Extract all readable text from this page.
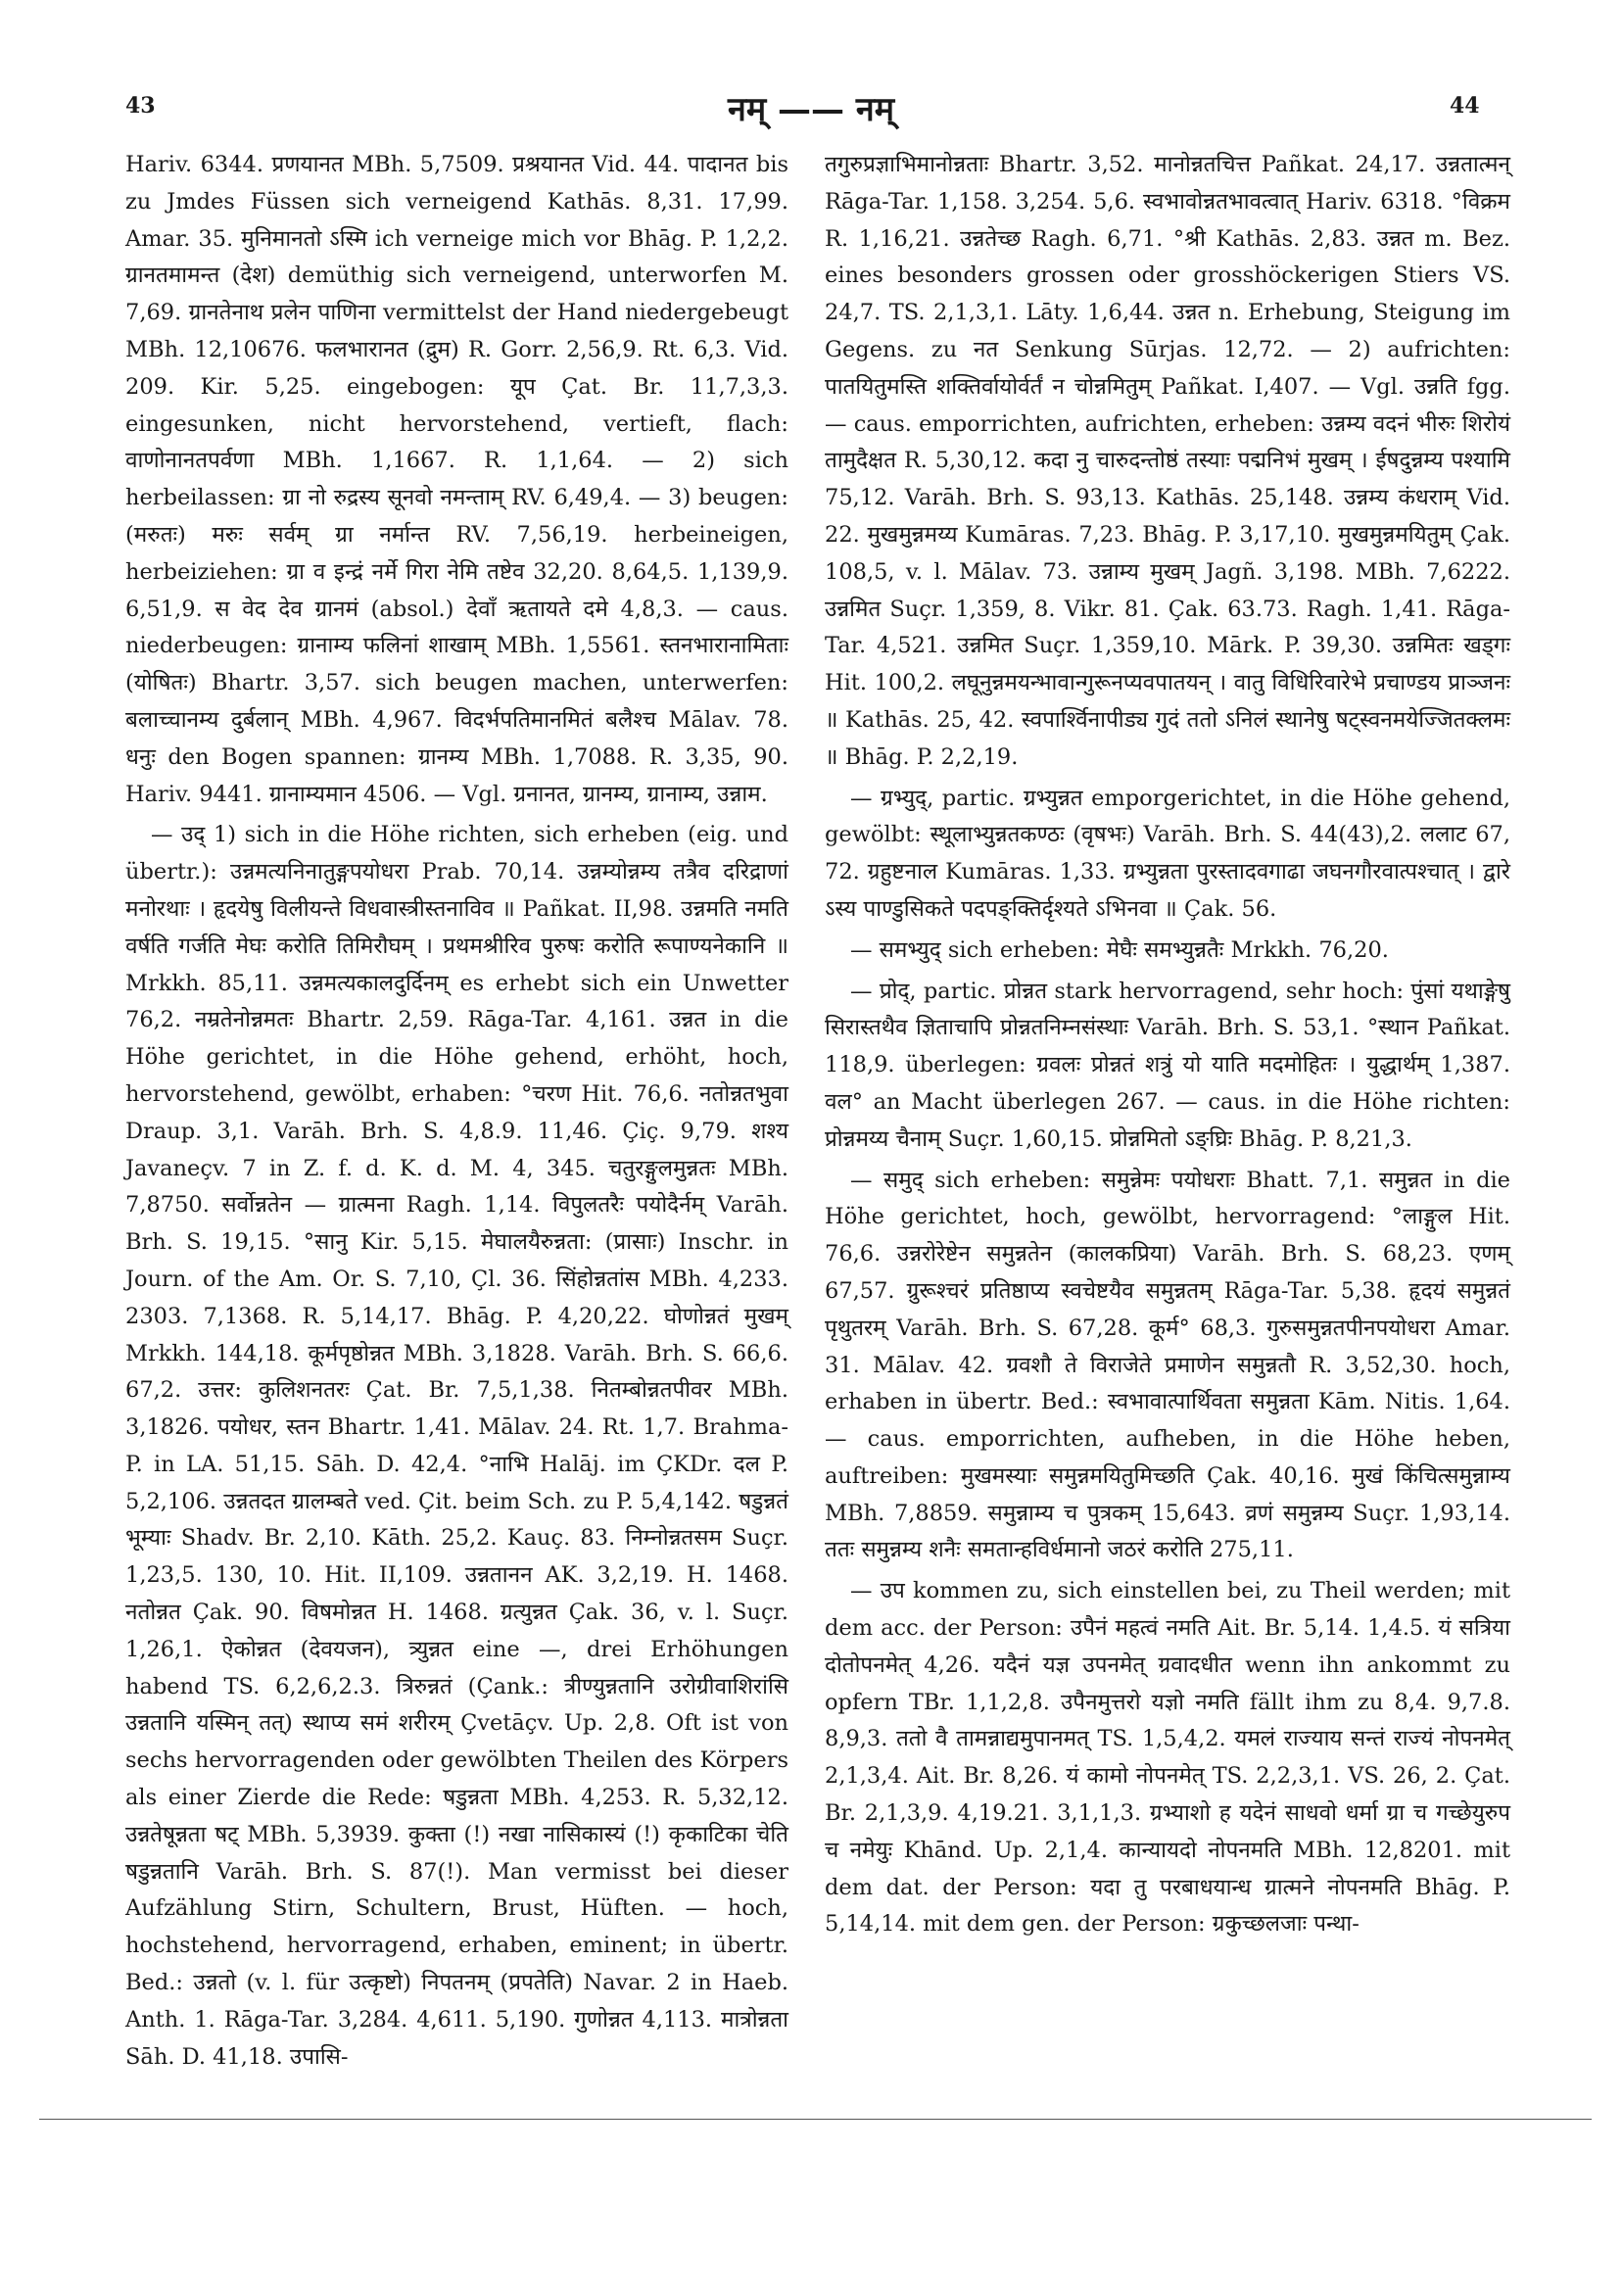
43	नम् —— नम्	44

Hariv. 6344. प्रणयानत MBh. 5,7509. प्रश्रयानत Vid. 44. पादानत bis zu Jmdes Füssen sich verneigend Kathās. 8,31. 17,99. Amar. 35. मुनिमानतो ऽस्मि ich verneige mich vor Bhāg. P. 1,2,2. ग्रानतमामन्त (देश) demüthig sich verneigend, unterworfen M. 7,69. ग्रानतेनाथ प्रलेन पाणिना vermittelst der Hand niedergebeugt MBh. 12,10676. फलभारानत (द्रुम) R. Gorr. 2,56,9. Rt. 6,3. Vid. 209. Kir. 5,25. eingebogen: यूप Çat. Br. 11,7,3,3. eingesunken, nicht hervorstehend, vertieft, flach: वाणोनानतपर्वणा MBh. 1,1667. R. 1,1,64. — 2) sich herbeilassen: ग्रा नो रुद्रस्य सूनवो नमन्ताम् RV. 6,49,4. — 3) beugen: (मरुतः) मरुः सर्वम् ग्रा नर्मान्त RV. 7,56,19. herbeineigen, herbeiziehen: ग्रा व इन्द्रं नर्मे गिरा नेमि तष्टेव 32,20. 8,64,5. 1,139,9. 6,51,9. स वेद देव ग्रानमं (absol.) देवाँ ऋतायते दमे 4,8,3. — caus. niederbeugen: ग्रानाम्य फलिनां शाखाम् MBh. 1,5561. स्तनभारानामिताः (योषितः) Bhartr. 3,57. sich beugen machen, unterwerfen: बलाच्चानम्य दुर्बलान् MBh. 4,967. विदर्भपतिमानमितं बलैश्च Mālav. 78. धनुः den Bogen spannen: ग्रानम्य MBh. 1,7088. R. 3,35, 90. Hariv. 9441. ग्रानाम्यमान 4506. — Vgl. ग्रनानत, ग्रानम्य, ग्रानाम्य, उन्नाम.

— उद् 1) sich in die Höhe richten, sich erheben (eig. und übertr.): उन्नमत्यनिनातुङ्गपयोधरा Prab. 70,14. उन्नम्योन्नम्य तत्रैव दरिद्राणां मनोरथाः । हृदयेषु विलीयन्ते विधवास्त्रीस्तनाविव ॥ Pañkat. II,98. उन्नमति नमति वर्षति गर्जति मेघः करोति तिमिरौघम् । प्रथमश्रीरिव पुरुषः करोति रूपाण्यनेकानि ॥ Mrkkh. 85,11. उन्नमत्यकालदुर्दिनम् es erhebt sich ein Unwetter 76,2. नम्रतेनोन्नमतः Bhartr. 2,59. Rāga-Tar. 4,161. उन्नत in die Höhe gerichtet, in die Höhe gehend, erhöht, hoch, hervorstehend, gewölbt, erhaben: °चरण Hit. 76,6. नतोन्नतभुवा Draup. 3,1. Varāh. Brh. S. 4,8.9. 11,46. Çiç. 9,79. शश्य Javaneçv. 7 in Z. f. d. K. d. M. 4, 345. चतुरङ्गुलमुन्नतः MBh. 7,8750. सर्वोन्नतेन — ग्रात्मना Ragh. 1,14. विपुलतरैः पयोदैर्नम् Varāh. Brh. S. 19,15. °सानु Kir. 5,15. मेघालयैरुन्नता: (प्रासाः) Inschr. in Journ. of the Am. Or. S. 7,10, Çl. 36. सिंहोन्नतांस MBh. 4,233. 2303. 7,1368. R. 5,14,17. Bhāg. P. 4,20,22. घोणोन्नतं मुखम् Mrkkh. 144,18. कूर्मपृष्ठोन्नत MBh. 3,1828. Varāh. Brh. S. 66,6. 67,2. उत्तर: कुलिशनतरः Çat. Br. 7,5,1,38. नितम्बोन्नतपीवर MBh. 3,1826. पयोधर, स्तन Bhartr. 1,41. Mālav. 24. Rt. 1,7. Brahma-P. in LA. 51,15. Sāh. D. 42,4. °नाभि Halāj. im ÇKDr. दल P. 5,2,106. उन्नतदत ग्रालम्बते ved. Çit. beim Sch. zu P. 5,4,142. षडुन्नतं भूम्याः Shadv. Br. 2,10. Kāth. 25,2. Kauç. 83. निम्नोन्नतसम Suçr. 1,23,5. 130, 10. Hit. II,109. उन्नतानन AK. 3,2,19. H. 1468. नतोन्नत Çak. 90. विषमोन्नत H. 1468. ग्रत्युन्नत Çak. 36, v. l. Suçr. 1,26,1. ऐकोन्नत (देवयजन), त्र्युन्नत eine —, drei Erhöhungen habend TS. 6,2,6,2.3. त्रिरुन्नतं (Çank.: त्रीण्युन्नतानि उरोग्रीवाशिरांसि उन्नतानि यस्मिन् तत्) स्थाप्य समं शरीरम् Çvetāçv. Up. 2,8. Oft ist von sechs hervorragenden oder gewölbten Theilen des Körpers als einer Zierde die Rede: षडुन्नता MBh. 4,253. R. 5,32,12. उन्नतेषून्नता षट् MBh. 5,3939. कुक्ता (!) नखा नासिकास्यं (!) कृकाटिका चेति षडुन्नतानि Varāh. Brh. S. 87(!). Man vermisst bei dieser Aufzählung Stirn, Schultern, Brust, Hüften. — hoch, hochstehend, hervorragend, erhaben, eminent; in übertr. Bed.: उन्नतो (v. l. für उत्कृष्टो) निपतनम् (प्रपतेति) Navar. 2 in Haeb. Anth. 1. Rāga-Tar. 3,284. 4,611. 5,190. गुणोन्नत 4,113. मात्रोन्नता Sāh. D. 41,18. उपासि-

तगुरुप्रज्ञाभिमानोन्नताः Bhartr. 3,52. मानोन्नतचित्त Pañkat. 24,17. उन्नतात्मन् Rāga-Tar. 1,158. 3,254. 5,6. स्वभावोन्नतभावत्वात् Hariv. 6318. °विक्रम R. 1,16,21. उन्नतेच्छ Ragh. 6,71. °श्री Kathās. 2,83. उन्नत m. Bez. eines besonders grossen oder grosshöckerigen Stiers VS. 24,7. TS. 2,1,3,1. Lāty. 1,6,44. उन्नत n. Erhebung, Steigung im Gegens. zu नत Senkung Sūrjas. 12,72. — 2) aufrichten: पातयितुमस्ति शक्तिर्वायोर्वर्तं न चोन्नमितुम् Pañkat. I,407. — Vgl. उन्नति fgg. — caus. emporrichten, aufrichten, erheben: उन्नम्य वदनं भीरुः शिरोयं तामुदैक्षत R. 5,30,12. कदा नु चारुदन्तोष्ठं तस्याः पद्मनिभं मुखम् । ईषदुन्नम्य पश्यामि 75,12. Varāh. Brh. S. 93,13. Kathās. 25,148. उन्नम्य कंधराम् Vid. 22. मुखमुन्नमय्य Kumāras. 7,23. Bhāg. P. 3,17,10. मुखमुन्नमयितुम् Çak. 108,5, v. l. Mālav. 73. उन्नाम्य मुखम् Jagñ. 3,198. MBh. 7,6222. उन्नमित Suçr. 1,359, 8. Vikr. 81. Çak. 63.73. Ragh. 1,41. Rāga-Tar. 4,521. उन्नमित Suçr. 1,359,10. Mārk. P. 39,30. उन्नमितः खड्गः Hit. 100,2. लघूनुन्नमयन्भावान्गुरूनप्यवपातयन् । वातु विधिरिवारेभे प्रचाण्डय प्राञ्जनः ॥ Kathās. 25, 42. स्वपार्श्विनापीड्य गुदं ततो ऽनिलं स्थानेषु षट्स्वनमयेज्जितक्लमः ॥ Bhāg. P. 2,2,19.

— ग्रभ्युद्, partic. ग्रभ्युन्नत emporgerichtet, in die Höhe gehend, gewölbt: स्थूलाभ्युन्नतकण्ठः (वृषभः) Varāh. Brh. S. 44(43),2. ललाट 67, 72. ग्रहुष्टनाल Kumāras. 1,33. ग्रभ्युन्नता पुरस्तादवगाढा जघनगौरवात्पश्चात् । द्वारे ऽस्य पाण्डुसिकते पदपङ्क्तिर्दृश्यते ऽभिनवा ॥ Çak. 56.

— समभ्युद् sich erheben: मेघैः समभ्युन्नतैः Mrkkh. 76,20.

— प्रोद्, partic. प्रोन्नत stark hervorragend, sehr hoch: पुंसां यथाङ्गेषु सिरास्तथैव ज्ञिताचापि प्रोन्नतनिम्नसंस्थाः Varāh. Brh. S. 53,1. °स्थान Pañkat. 118,9. überlegen: ग्रवलः प्रोन्नतं शत्रुं यो याति मदमोहितः । युद्धार्थम् 1,387. वल° an Macht überlegen 267. — caus. in die Höhe richten: प्रोन्नमय्य चैनाम् Suçr. 1,60,15. प्रोन्नमितो ऽङ्घ्रिः Bhāg. P. 8,21,3.

— समुद् sich erheben: समुन्नेमः पयोधराः Bhatt. 7,1. समुन्नत in die Höhe gerichtet, hoch, gewölbt, hervorragend: °लाङ्गुल Hit. 76,6. उन्नरोरेष्टेन समुन्नतेन (कालकप्रिया) Varāh. Brh. S. 68,23. एणम् 67,57. ग्रुरूश्चरं प्रतिष्ठाप्य स्वचेष्टयैव समुन्नतम् Rāga-Tar. 5,38. हृदयं समुन्नतं पृथुतरम् Varāh. Brh. S. 67,28. कूर्म° 68,3. गुरुसमुन्नतपीनपयोधरा Amar. 31. Mālav. 42. ग्रवशौ ते विराजेते प्रमाणेन समुन्नतौ R. 3,52,30. hoch, erhaben in übertr. Bed.: स्वभावात्पार्थिवता समुन्नता Kām. Nitis. 1,64. — caus. emporrichten, aufheben, in die Höhe heben, auftreiben: मुखमस्याः समुन्नमयितुमिच्छति Çak. 40,16. मुखं किंचित्समुन्नाम्य MBh. 7,8859. समुन्नाम्य च पुत्रकम् 15,643. व्रणं समुन्नम्य Suçr. 1,93,14. ततः समुन्नम्य शनैः समतान्हविर्धमानो जठरं करोति 275,11.

— उप kommen zu, sich einstellen bei, zu Theil werden; mit dem acc. der Person: उपैनं महत्वं नमति Ait. Br. 5,14. 1,4.5. यं सत्रिया दोतोपनमेत् 4,26. यदैनं यज्ञ उपनमेत् ग्रवादधीत wenn ihn ankommt zu opfern TBr. 1,1,2,8. उपैनमुत्तरो यज्ञो नमति fällt ihm zu 8,4. 9,7.8. 8,9,3. ततो वै तामन्नाद्यमुपानमत् TS. 1,5,4,2. यमलं राज्याय सन्तं राज्यं नोपनमेत् 2,1,3,4. Ait. Br. 8,26. यं कामो नोपनमेत् TS. 2,2,3,1. VS. 26, 2. Çat. Br. 2,1,3,9. 4,19.21. 3,1,1,3. ग्रभ्याशो ह यदेनं साधवो धर्मा ग्रा च गच्छेयुरुप च नमेयुः Khānd. Up. 2,1,4. कान्यायदो नोपनमति MBh. 12,8201. mit dem dat. der Person: यदा तु परबाधयान्ध ग्रात्मने नोपनमति Bhāg. P. 5,14,14. mit dem gen. der Person: ग्रकुच्छलजाः पन्था-
